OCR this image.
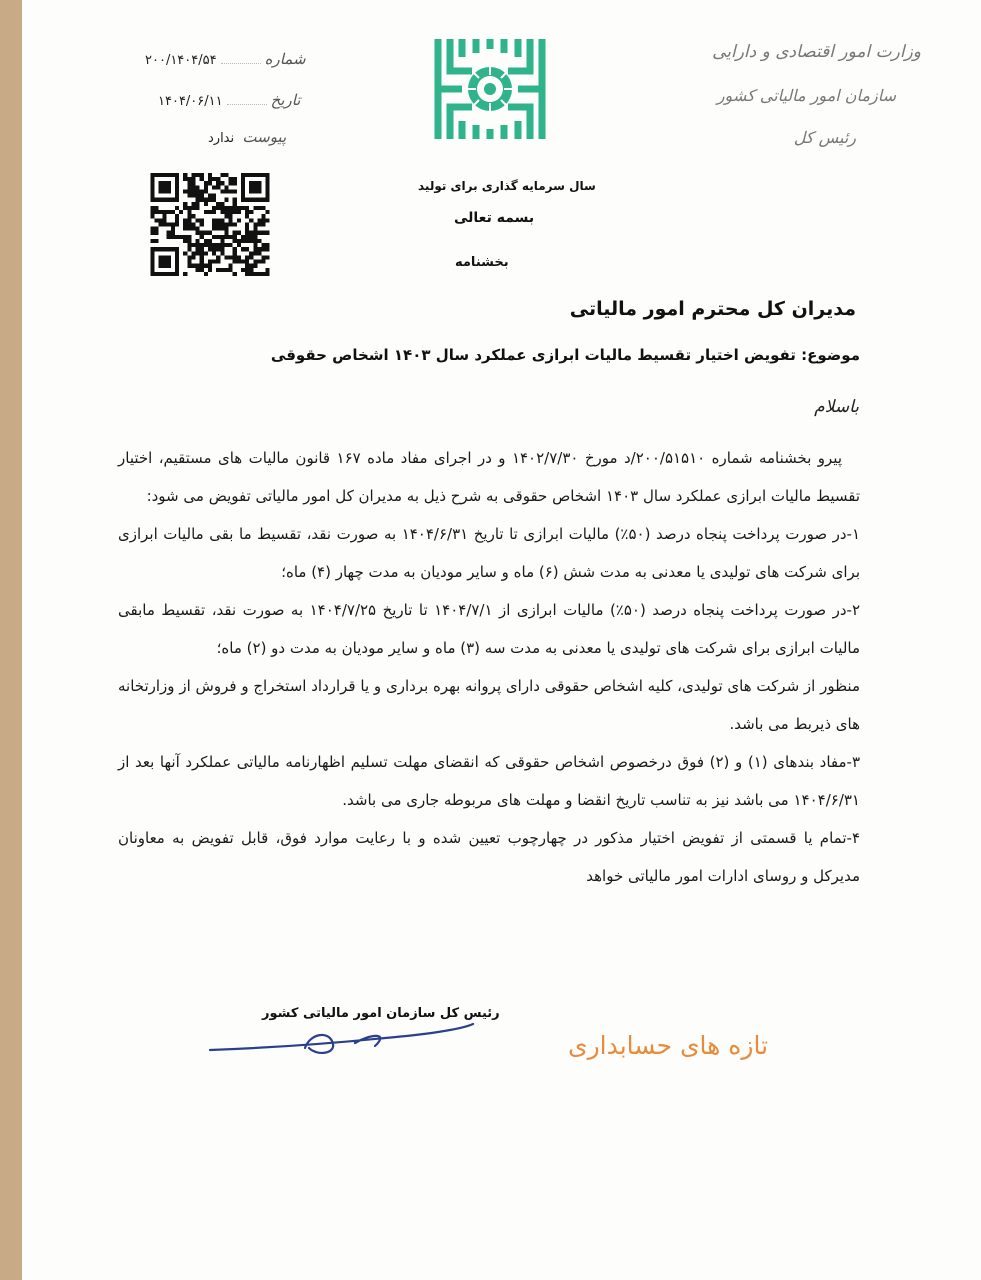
وزارت امور اقتصادی و دارایی
سازمان امور مالیاتی کشور
رئیس کل
شماره۲۰۰/۱۴۰۴/۵۴
تاریخ۱۴۰۴/۰۶/۱۱
پیوست  ندارد
سال سرمایه گذاری برای تولید
بسمه تعالی
بخشنامه
مدیران کل محترم امور مالیاتی
موضوع: تفویض اختیار تقسیط مالیات ابرازی عملکرد سال ۱۴۰۳ اشخاص حقوقی
باسلام

پیرو بخشنامه شماره ۲۰۰/۵۱۵۱۰/د مورخ ۱۴۰۲/۷/۳۰ و در اجرای مفاد ماده ۱۶۷ قانون مالیات های مستقیم، اختیار تقسیط مالیات ابرازی عملکرد سال ۱۴۰۳ اشخاص حقوقی به شرح ذیل به مدیران کل امور مالیاتی تفویض می شود:

۱-در صورت پرداخت پنجاه درصد (۵۰٪) مالیات ابرازی تا تاریخ ۱۴۰۴/۶/۳۱ به صورت نقد، تقسیط ما بقی مالیات ابرازی برای شرکت های تولیدی یا معدنی به مدت شش (۶) ماه و سایر مودیان به مدت چهار (۴) ماه؛

۲-در صورت پرداخت پنجاه درصد (۵۰٪) مالیات ابرازی از ۱۴۰۴/۷/۱ تا تاریخ ۱۴۰۴/۷/۲۵ به صورت نقد، تقسیط مابقی مالیات ابرازی برای شرکت های تولیدی یا معدنی به مدت سه (۳) ماه و سایر مودیان به مدت دو (۲) ماه؛

منظور از شرکت های تولیدی، کلیه اشخاص حقوقی دارای پروانه بهره برداری و یا قرارداد استخراج و فروش از وزارتخانه های ذیربط می باشد.

۳-مفاد بندهای (۱) و (۲) فوق درخصوص اشخاص حقوقی که انقضای مهلت تسلیم اظهارنامه مالیاتی عملکرد آنها بعد از ۱۴۰۴/۶/۳۱ می باشد نیز به تناسب تاریخ انقضا و مهلت های مربوطه جاری می باشد.

۴-تمام یا قسمتی از تفویض اختیار مذکور در چهارچوب تعیین شده و با رعایت موارد فوق، قابل تفویض به معاونان مدیرکل و روسای ادارات امور مالیاتی خواهد

رئیس کل سازمان امور مالیاتی کشور
تازه های حسابداری
